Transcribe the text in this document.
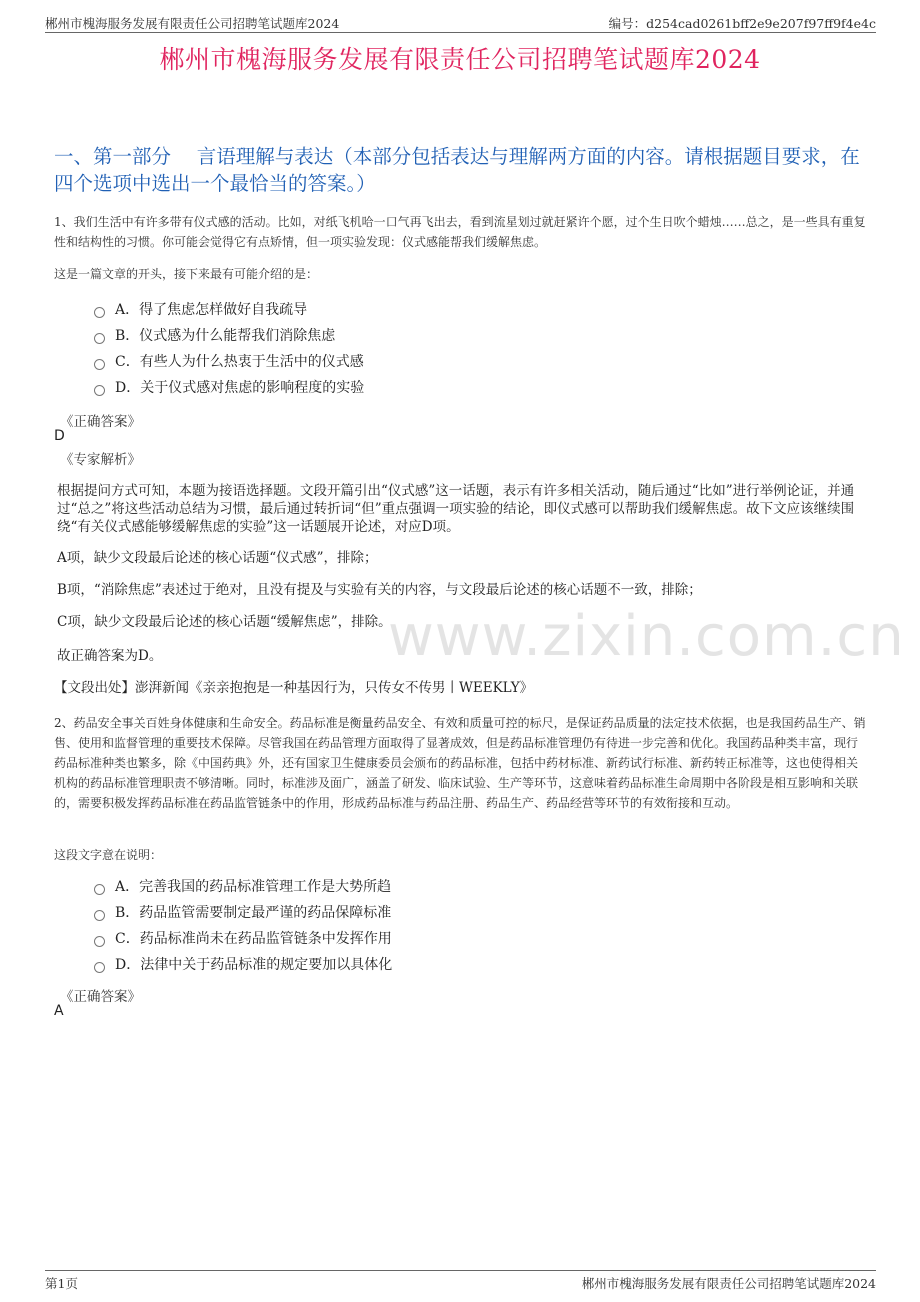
郴州市槐海服务发展有限责任公司招聘笔试题库2024	编号：d254cad0261bff2e9e207f97ff9f4e4c
www.zixin.com.cn
郴州市槐海服务发展有限责任公司招聘笔试题库2024
一、第一部分　 言语理解与表达（本部分包括表达与理解两方面的内容。请根据题目要求，在四个选项中选出一个最恰当的答案。）
1、我们生活中有许多带有仪式感的活动。比如，对纸飞机哈一口气再飞出去，看到流星划过就赶紧许个愿，过个生日吹个蜡烛……总之，是一些具有重复性和结构性的习惯。你可能会觉得它有点矫情，但一项实验发现：仪式感能帮我们缓解焦虑。
这是一篇文章的开头，接下来最有可能介绍的是：
A．得了焦虑怎样做好自我疏导
B．仪式感为什么能帮我们消除焦虑
C．有些人为什么热衷于生活中的仪式感
D．关于仪式感对焦虑的影响程度的实验
《正确答案》
D
《专家解析》
根据提问方式可知，本题为接语选择题。文段开篇引出“仪式感”这一话题，表示有许多相关活动，随后通过“比如”进行举例论证，并通过“总之”将这些活动总结为习惯，最后通过转折词“但”重点强调一项实验的结论，即仪式感可以帮助我们缓解焦虑。故下文应该继续围绕“有关仪式感能够缓解焦虑的实验”这一话题展开论述，对应D项。
A项，缺少文段最后论述的核心话题“仪式感”，排除；
B项，“消除焦虑”表述过于绝对，且没有提及与实验有关的内容，与文段最后论述的核心话题不一致，排除；
C项，缺少文段最后论述的核心话题“缓解焦虑”，排除。
故正确答案为D。
【文段出处】澎湃新闻《亲亲抱抱是一种基因行为，只传女不传男丨WEEKLY》
2、药品安全事关百姓身体健康和生命安全。药品标准是衡量药品安全、有效和质量可控的标尺，是保证药品质量的法定技术依据，也是我国药品生产、销售、使用和监督管理的重要技术保障。尽管我国在药品管理方面取得了显著成效，但是药品标准管理仍有待进一步完善和优化。我国药品种类丰富，现行药品标准种类也繁多，除《中国药典》外，还有国家卫生健康委员会颁布的药品标准，包括中药材标准、新药试行标准、新药转正标准等，这也使得相关机构的药品标准管理职责不够清晰。同时，标准涉及面广，涵盖了研发、临床试验、生产等环节，这意味着药品标准生命周期中各阶段是相互影响和关联的，需要积极发挥药品标准在药品监管链条中的作用，形成药品标准与药品注册、药品生产、药品经营等环节的有效衔接和互动。
这段文字意在说明：
A．完善我国的药品标准管理工作是大势所趋
B．药品监管需要制定最严谨的药品保障标准
C．药品标准尚未在药品监管链条中发挥作用
D．法律中关于药品标准的规定要加以具体化
《正确答案》
A
第1页	郴州市槐海服务发展有限责任公司招聘笔试题库2024
